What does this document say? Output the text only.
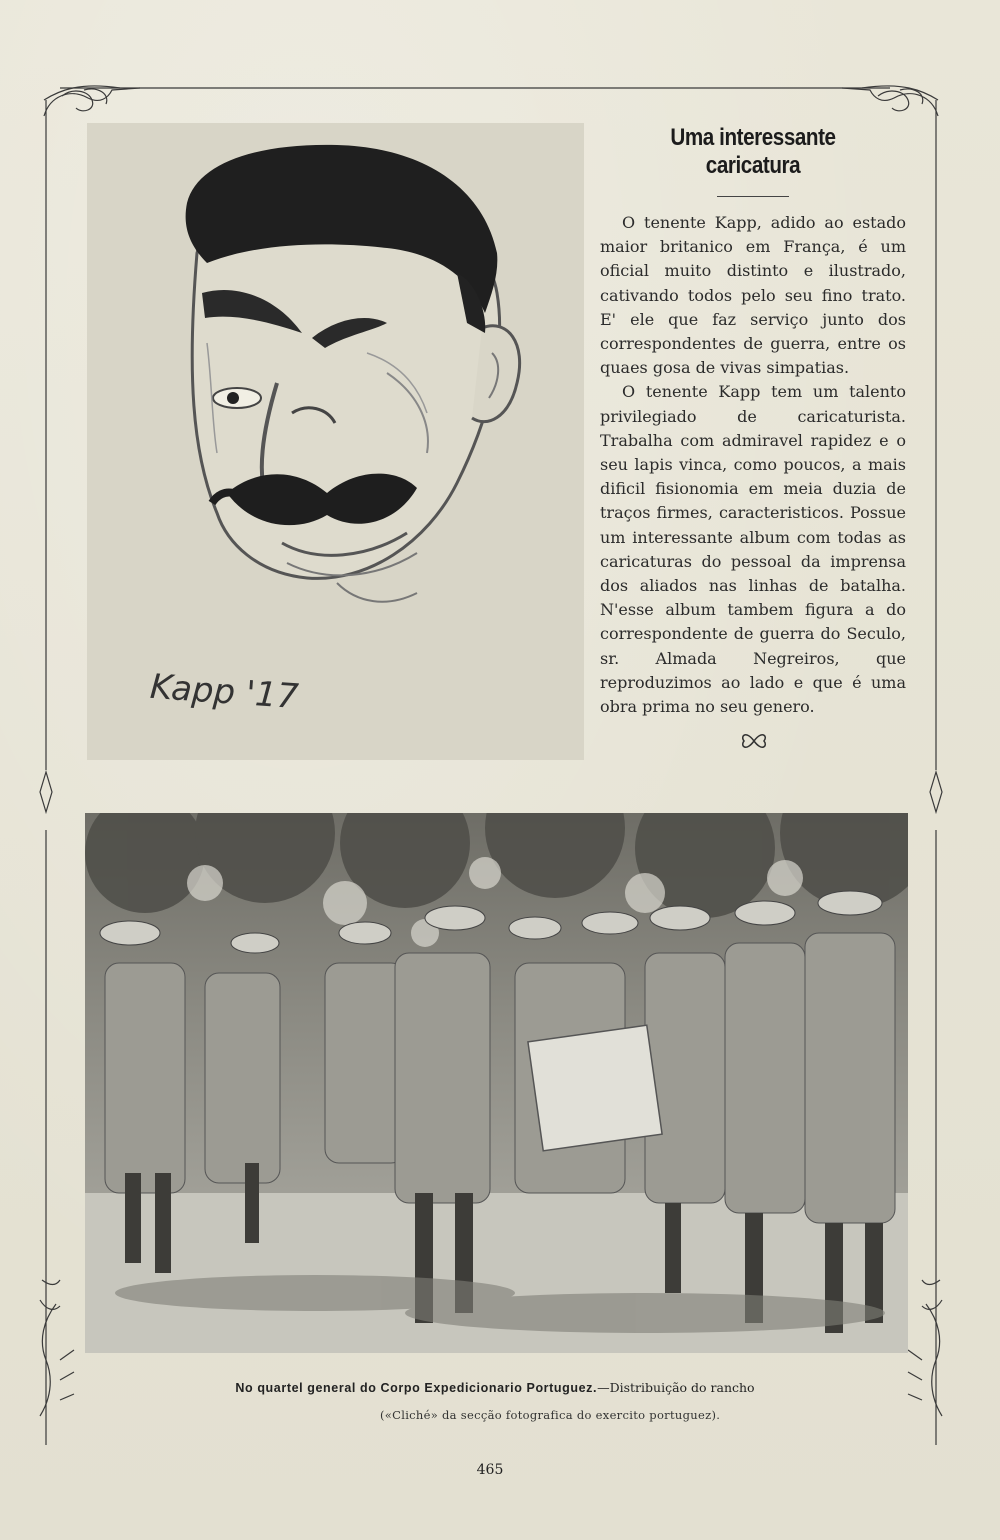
Kapp '17
Uma interessante caricatura

O tenente Kapp, adido ao estado maior britanico em França, é um oficial muito distinto e ilustrado, cativando todos pelo seu fino trato. E' ele que faz serviço junto dos correspondentes de guerra, entre os quaes gosa de vivas simpatias.

O tenente Kapp tem um talento privilegiado de caricaturista. Trabalha com admiravel rapidez e o seu lapis vinca, como poucos, a mais dificil fisionomia em meia duzia de traços firmes, caracteristicos. Possue um interessante album com todas as caricaturas do pessoal da imprensa dos aliados nas linhas de batalha. N'esse album tambem figura a do correspondente de guerra do Seculo, sr. Almada Negreiros, que reproduzimos ao lado e que é uma obra prima no seu genero.

No quartel general do Corpo Expedicionario Portuguez.—Distribuição do rancho
(«Cliché» da secção fotografica do exercito portuguez).
465
